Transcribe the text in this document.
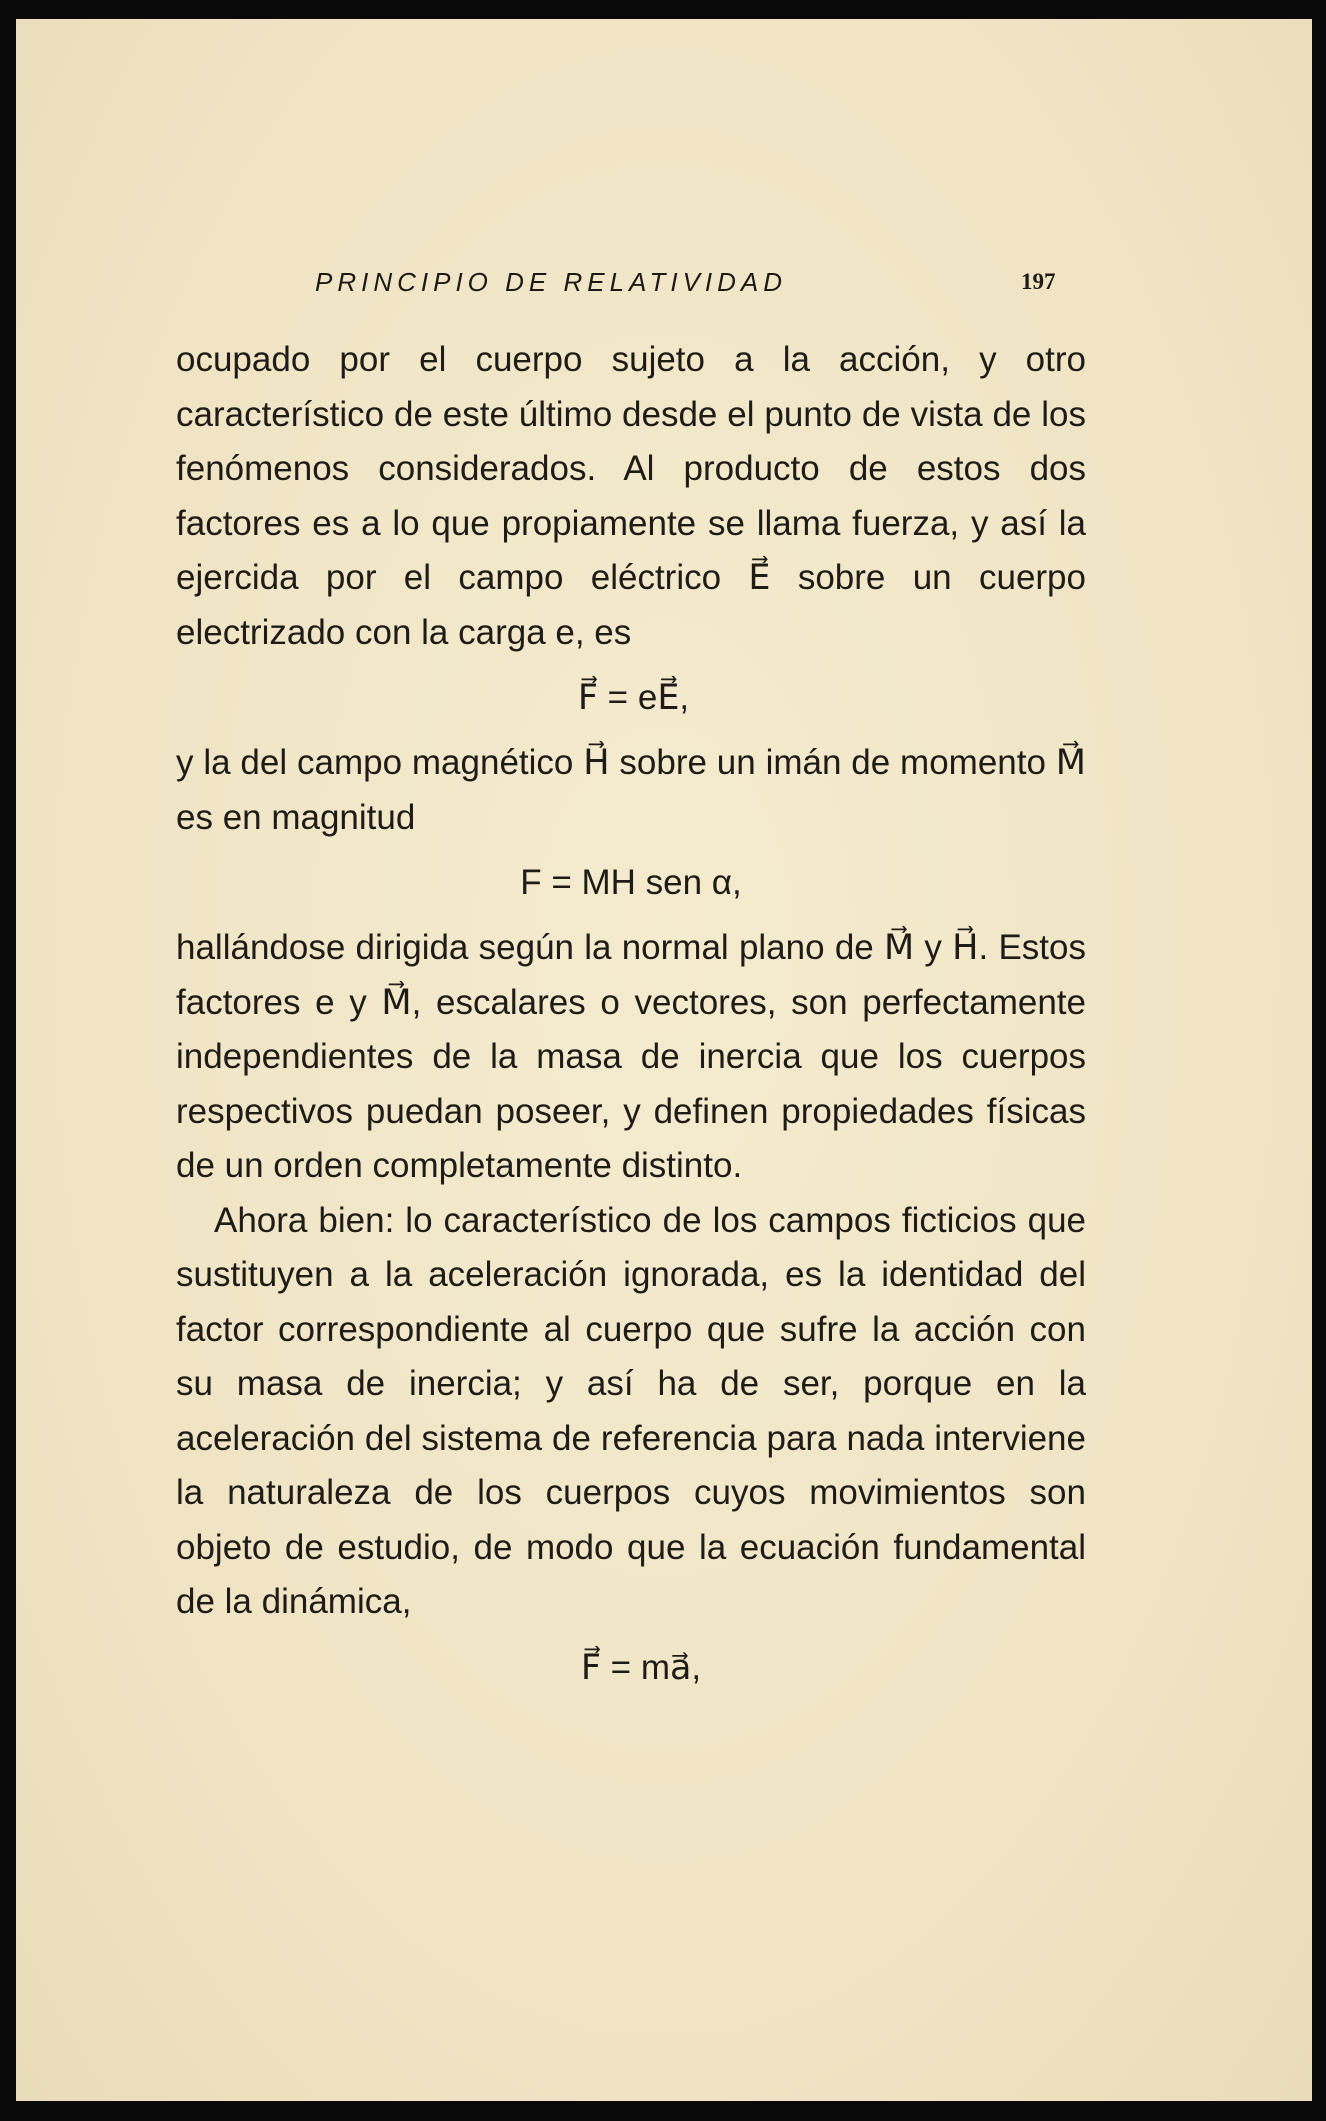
PRINCIPIO DE RELATIVIDAD	197

ocupado por el cuerpo sujeto a la acción, y otro característico de este último desde el punto de vista de los fenómenos considerados. Al producto de estos dos factores es a lo que propiamente se llama fuerza, y así la ejercida por el campo eléctrico E⃗ sobre un cuerpo electrizado con la carga e, es

F⃗ = eE⃗,

y la del campo magnético H⃗ sobre un imán de momento M⃗ es en magnitud

F = MH sen α,

hallándose dirigida según la normal plano de M⃗ y H⃗. Estos factores e y M⃗, escalares o vectores, son perfectamente independientes de la masa de inercia que los cuerpos respectivos puedan poseer, y definen propiedades físicas de un orden completamente distinto.

Ahora bien: lo característico de los campos ficticios que sustituyen a la aceleración ignorada, es la identidad del factor correspondiente al cuerpo que sufre la acción con su masa de inercia; y así ha de ser, porque en la aceleración del sistema de referencia para nada interviene la naturaleza de los cuerpos cuyos movimientos son objeto de estudio, de modo que la ecuación fundamental de la dinámica,

F⃗ = ma⃗,
